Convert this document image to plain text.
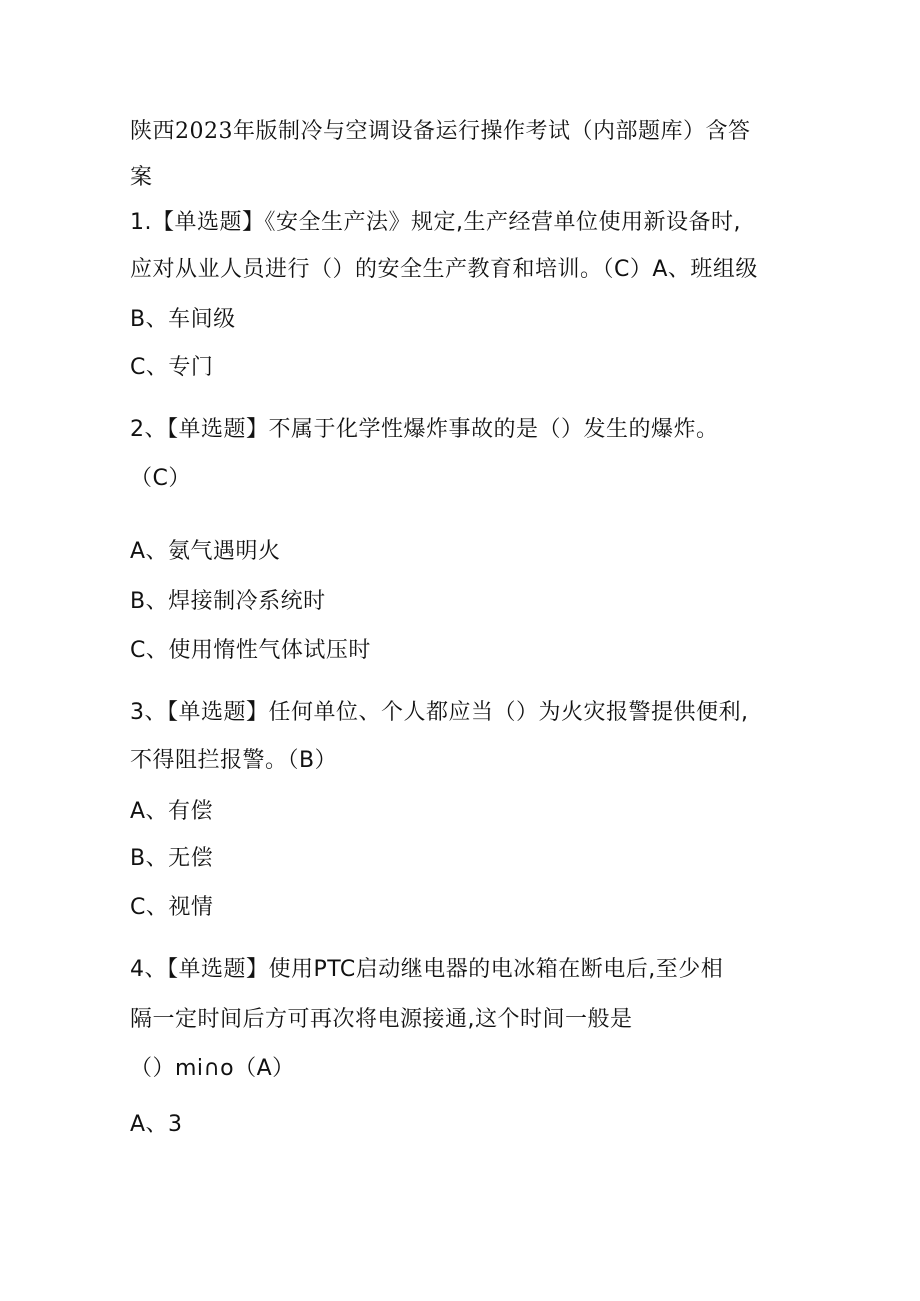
陕西2023年版制冷与空调设备运行操作考试（内部题库）含答
案
1.【单选题】《安全生产法》规定,生产经营单位使用新设备时,
应对从业人员进行（）的安全生产教育和培训。（C）A、班组级
B、车间级
C、专门
2、【单选题】不属于化学性爆炸事故的是（）发生的爆炸。
（C）
A、氨气遇明火
B、焊接制冷系统时
C、使用惰性气体试压时
3、【单选题】任何单位、个人都应当（）为火灾报警提供便利,
不得阻拦报警。（B）
A、有偿
B、无偿
C、视情
4、【单选题】使用PTC启动继电器的电冰箱在断电后,至少相
隔一定时间后方可再次将电源接通,这个时间一般是
（）mi∩o（A）
A、3
